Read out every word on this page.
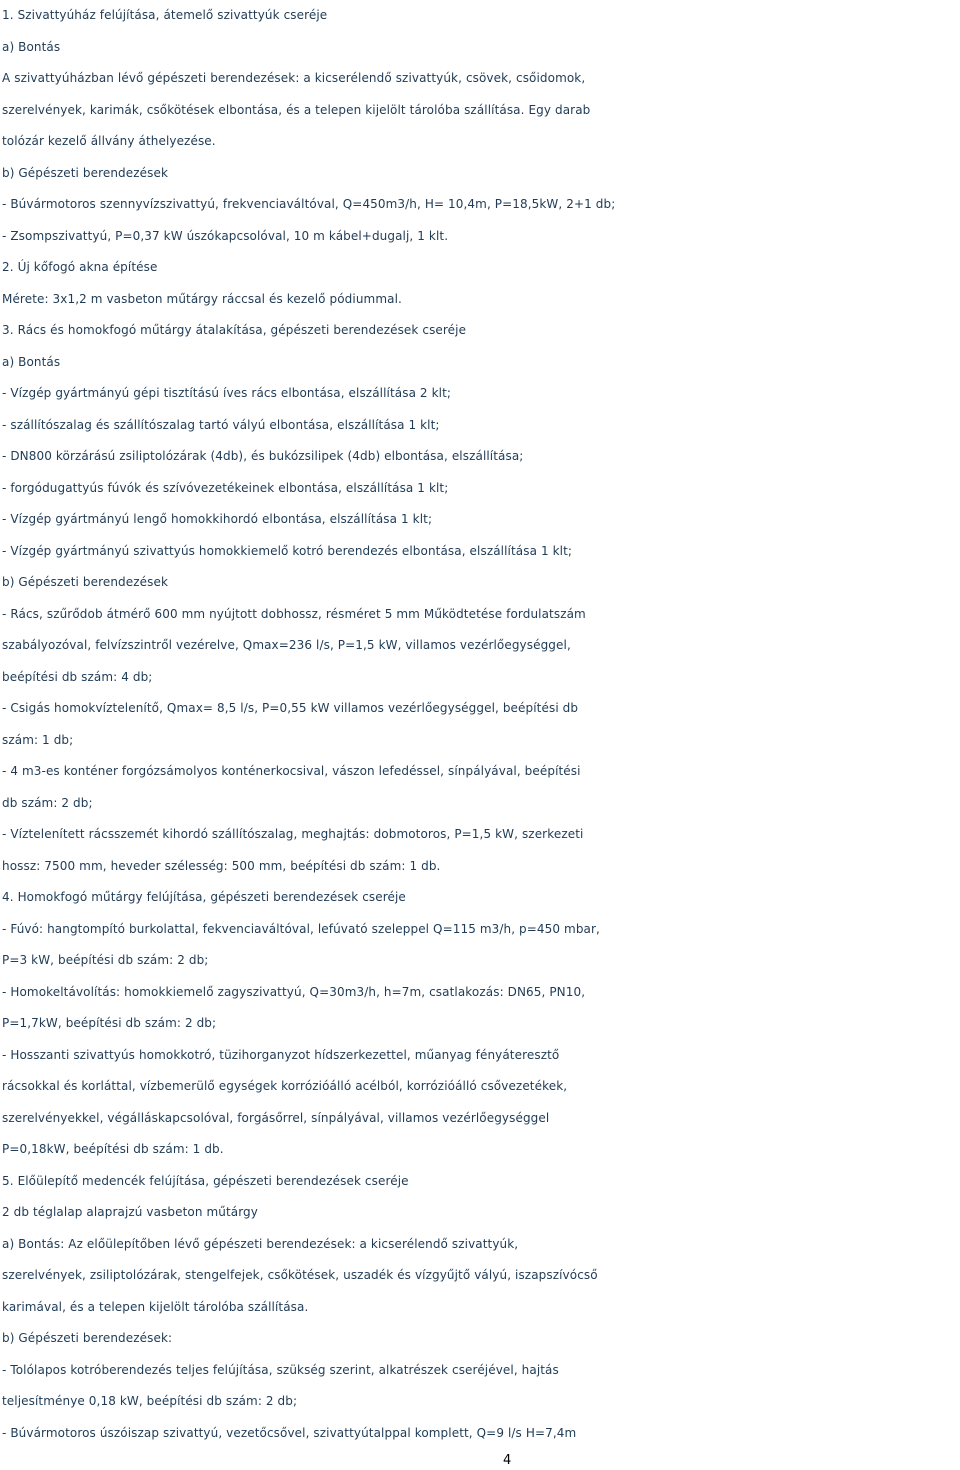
1. Szivattyúház felújítása, átemelő szivattyúk cseréje
a) Bontás
A szivattyúházban lévő gépészeti berendezések: a kicserélendő szivattyúk, csövek, csőidomok,
szerelvények, karimák, csőkötések elbontása, és a telepen kijelölt tárolóba szállítása. Egy darab
tolózár kezelő állvány áthelyezése.
b) Gépészeti berendezések
- Búvármotoros szennyvízszivattyú, frekvenciaváltóval, Q=450m3/h, H= 10,4m, P=18,5kW, 2+1 db;
- Zsompszivattyú, P=0,37 kW úszókapcsolóval, 10 m kábel+dugalj, 1 klt.
2. Új kőfogó akna építése
Mérete: 3x1,2 m vasbeton műtárgy ráccsal és kezelő pódiummal.
3. Rács és homokfogó műtárgy átalakítása, gépészeti berendezések cseréje
a) Bontás
- Vízgép gyártmányú gépi tisztítású íves rács elbontása, elszállítása 2 klt;
- szállítószalag és szállítószalag tartó vályú elbontása, elszállítása 1 klt;
- DN800 körzárású zsiliptolózárak (4db), és bukózsilipek (4db) elbontása, elszállítása;
- forgódugattyús fúvók és szívóvezetékeinek elbontása, elszállítása 1 klt;
- Vízgép gyártmányú lengő homokkihordó elbontása, elszállítása 1 klt;
- Vízgép gyártmányú szivattyús homokkiemelő kotró berendezés elbontása, elszállítása 1 klt;
b) Gépészeti berendezések
- Rács, szűrődob átmérő 600 mm nyújtott dobhossz, résméret 5 mm Működtetése fordulatszám
szabályozóval, felvízszintről vezérelve, Qmax=236 l/s, P=1,5 kW, villamos vezérlőegységgel,
beépítési db szám: 4 db;
- Csigás homokvíztelenítő, Qmax= 8,5 l/s, P=0,55 kW villamos vezérlőegységgel, beépítési db
szám: 1 db;
- 4 m3-es konténer forgózsámolyos konténerkocsival, vászon lefedéssel, sínpályával, beépítési
db szám: 2 db;
- Víztelenített rácsszemét kihordó szállítószalag, meghajtás: dobmotoros, P=1,5 kW, szerkezeti
hossz: 7500 mm, heveder szélesség: 500 mm, beépítési db szám: 1 db.
4. Homokfogó műtárgy felújítása, gépészeti berendezések cseréje
- Fúvó: hangtompító burkolattal, fekvenciaváltóval, lefúvató szeleppel Q=115 m3/h, p=450 mbar,
P=3 kW, beépítési db szám: 2 db;
- Homokeltávolítás: homokkiemelő zagyszivattyú, Q=30m3/h, h=7m, csatlakozás: DN65, PN10,
P=1,7kW, beépítési db szám: 2 db;
- Hosszanti szivattyús homokkotró, tüzihorganyzot hídszerkezettel, műanyag fényáteresztő
rácsokkal és korláttal, vízbemerülő egységek korrózióálló acélból, korrózióálló csővezetékek,
szerelvényekkel, végálláskapcsolóval, forgásőrrel, sínpályával, villamos vezérlőegységgel
P=0,18kW, beépítési db szám: 1 db.
5. Előülepítő medencék felújítása, gépészeti berendezések cseréje
2 db téglalap alaprajzú vasbeton műtárgy
a) Bontás: Az előülepítőben lévő gépészeti berendezések: a kicserélendő szivattyúk,
szerelvények, zsiliptolózárak, stengelfejek, csőkötések, uszadék és vízgyűjtő vályú, iszapszívócső
karimával, és a telepen kijelölt tárolóba szállítása.
b) Gépészeti berendezések:
- Tolólapos kotróberendezés teljes felújítása, szükség szerint, alkatrészek cseréjével, hajtás
teljesítménye 0,18 kW, beépítési db szám: 2 db;
- Búvármotoros úszóiszap szivattyú, vezetőcsővel, szivattyútalppal komplett, Q=9 l/s H=7,4m
4
